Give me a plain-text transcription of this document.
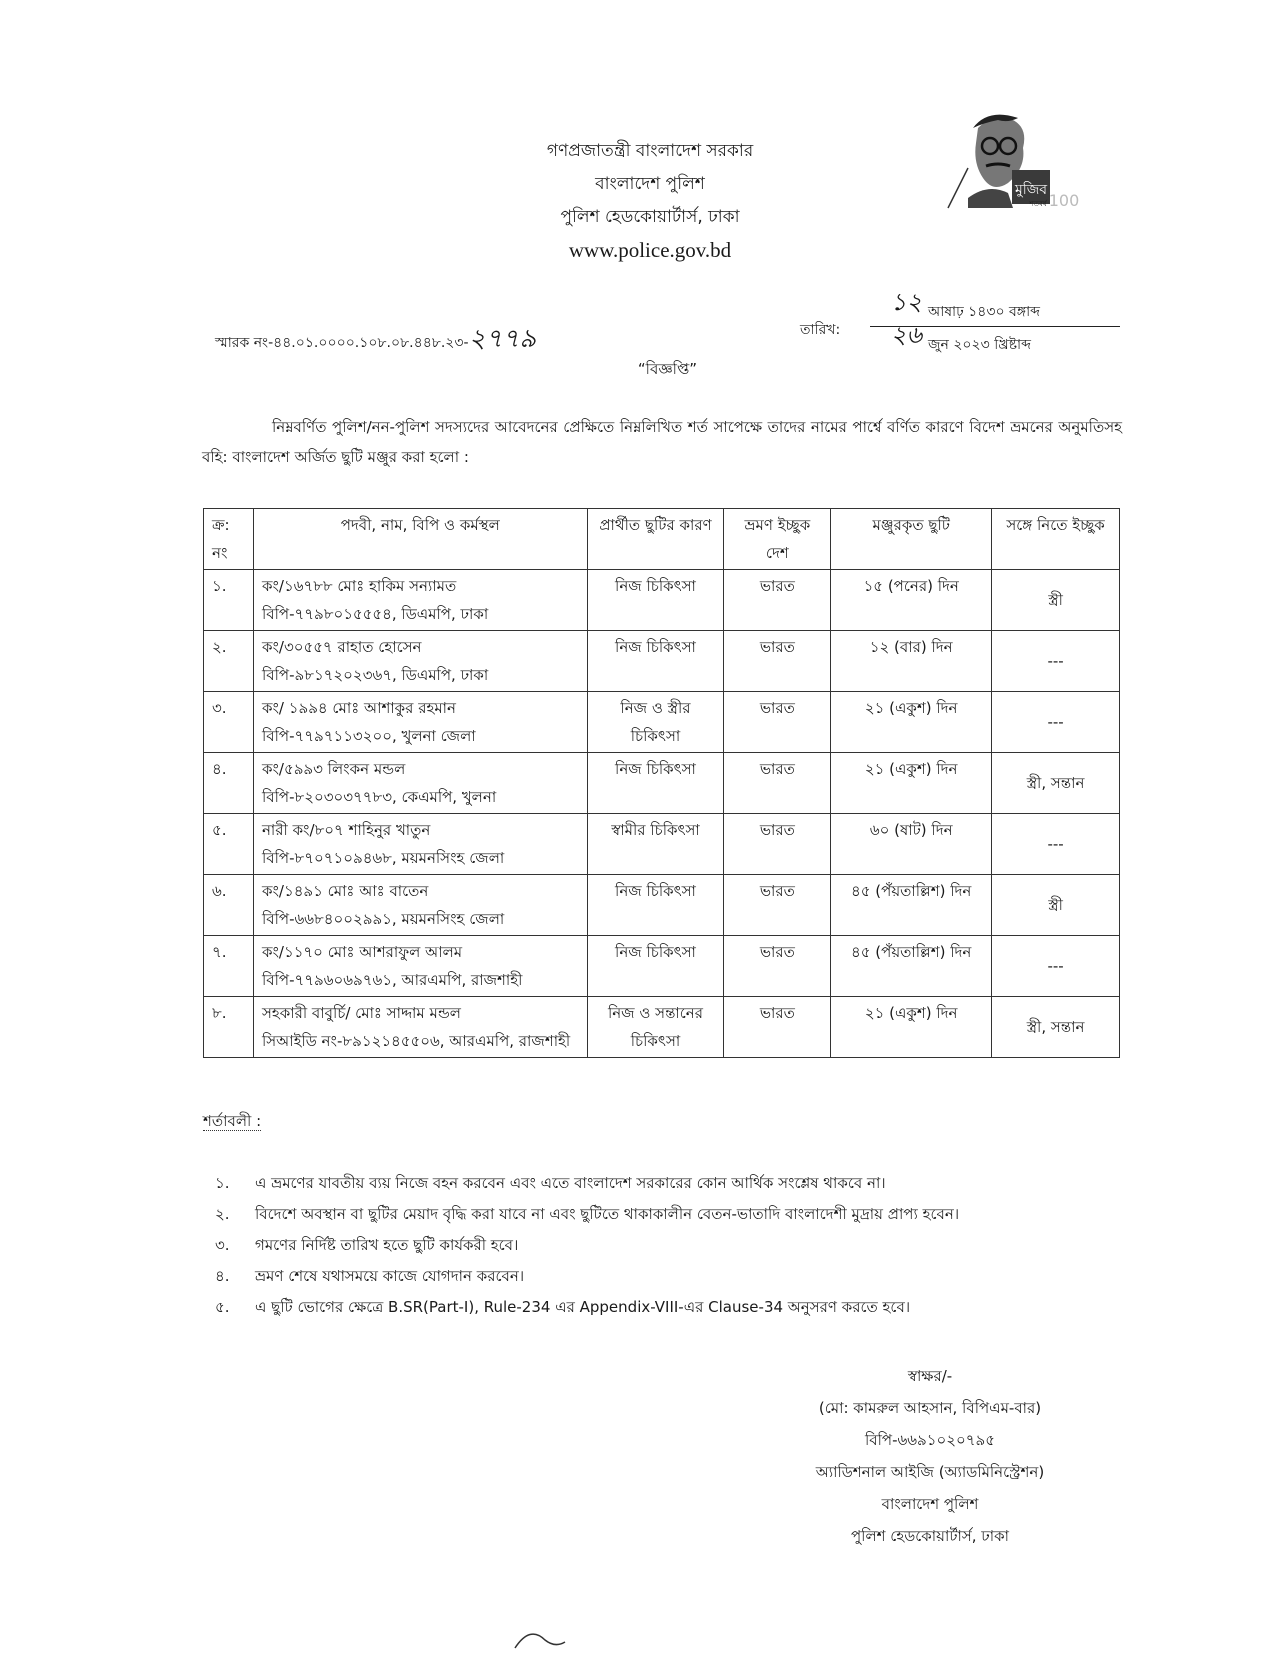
গণপ্রজাতন্ত্রী বাংলাদেশ সরকার
বাংলাদেশ পুলিশ
পুলিশ হেডকোয়ার্টার্স, ঢাকা
www.police.gov.bd
মুজিব
শতবর্ষ 100
স্মারক নং-৪৪.০১.০০০০.১০৮.০৮.৪৪৮.২৩-২৭৭৯	তারিখ:
১২ আষাঢ় ১৪৩০ বঙ্গাব্দ
২৬ জুন ২০২৩ খ্রিষ্টাব্দ
“বিজ্ঞপ্তি”
নিম্নবর্ণিত পুলিশ/নন-পুলিশ সদস্যদের আবেদনের প্রেক্ষিতে নিম্নলিখিত শর্ত সাপেক্ষে তাদের নামের পার্শ্বে বর্ণিত কারণে বিদেশ ভ্রমনের অনুমতিসহ বহি: বাংলাদেশ অর্জিত ছুটি মঞ্জুর করা হলো :
ক্র: নং	পদবী, নাম, বিপি ও কর্মস্থল	প্রার্থীত ছুটির কারণ	ভ্রমণ ইচ্ছুক দেশ	মঞ্জুরকৃত ছুটি	সঙ্গে নিতে ইচ্ছুক
১.	কং/১৬৭৮৮ মোঃ হাকিম সন্যামত
বিপি-৭৭৯৮০১৫৫৫৪, ডিএমপি, ঢাকা	নিজ চিকিৎসা	ভারত	১৫ (পনের) দিন	স্ত্রী
২.	কং/৩০৫৫৭ রাহাত হোসেন
বিপি-৯৮১৭২০২৩৬৭, ডিএমপি, ঢাকা	নিজ চিকিৎসা	ভারত	১২ (বার) দিন	---
৩.	কং/ ১৯৯৪ মোঃ আশাকুর রহমান
বিপি-৭৭৯৭১১৩২০০, খুলনা জেলা	নিজ ও স্ত্রীর চিকিৎসা	ভারত	২১ (একুশ) দিন	---
৪.	কং/৫৯৯৩ লিংকন মন্ডল
বিপি-৮২০৩০৩৭৭৮৩, কেএমপি, খুলনা	নিজ চিকিৎসা	ভারত	২১ (একুশ) দিন	স্ত্রী, সন্তান
৫.	নারী কং/৮০৭ শাহিনুর খাতুন
বিপি-৮৭০৭১০৯৪৬৮, ময়মনসিংহ জেলা	স্বামীর চিকিৎসা	ভারত	৬০ (ষাট) দিন	---
৬.	কং/১৪৯১ মোঃ আঃ বাতেন
বিপি-৬৬৮৪০০২৯৯১, ময়মনসিংহ জেলা	নিজ চিকিৎসা	ভারত	৪৫ (পঁয়তাল্লিশ) দিন	স্ত্রী
৭.	কং/১১৭০ মোঃ আশরাফুল আলম
বিপি-৭৭৯৬০৬৯৭৬১, আরএমপি, রাজশাহী	নিজ চিকিৎসা	ভারত	৪৫ (পঁয়তাল্লিশ) দিন	---
৮.	সহকারী বাবুর্চি/ মোঃ সাদ্দাম মন্ডল
সিআইডি নং-৮৯১২১৪৫৫০৬, আরএমপি, রাজশাহী	নিজ ও সন্তানের চিকিৎসা	ভারত	২১ (একুশ) দিন	স্ত্রী, সন্তান
শর্তাবলী :
১.	এ ভ্রমণের যাবতীয় ব্যয় নিজে বহন করবেন এবং এতে বাংলাদেশ সরকারের কোন আর্থিক সংশ্লেষ থাকবে না।
২.	বিদেশে অবস্থান বা ছুটির মেয়াদ বৃদ্ধি করা যাবে না এবং ছুটিতে থাকাকালীন বেতন-ভাতাদি বাংলাদেশী মুদ্রায় প্রাপ্য হবেন।
৩.	গমণের নির্দিষ্ট তারিখ হতে ছুটি কার্যকরী হবে।
৪.	ভ্রমণ শেষে যথাসময়ে কাজে যোগদান করবেন।
৫.	এ ছুটি ভোগের ক্ষেত্রে B.SR(Part-I), Rule-234 এর Appendix-VIII-এর Clause-34 অনুসরণ করতে হবে।
স্বাক্ষর/-
(মো: কামরুল আহসান, বিপিএম-বার)
বিপি-৬৬৯১০২০৭৯৫
অ্যাডিশনাল আইজি (অ্যাডমিনিস্ট্রেশন)
বাংলাদেশ পুলিশ
পুলিশ হেডকোয়ার্টার্স, ঢাকা
